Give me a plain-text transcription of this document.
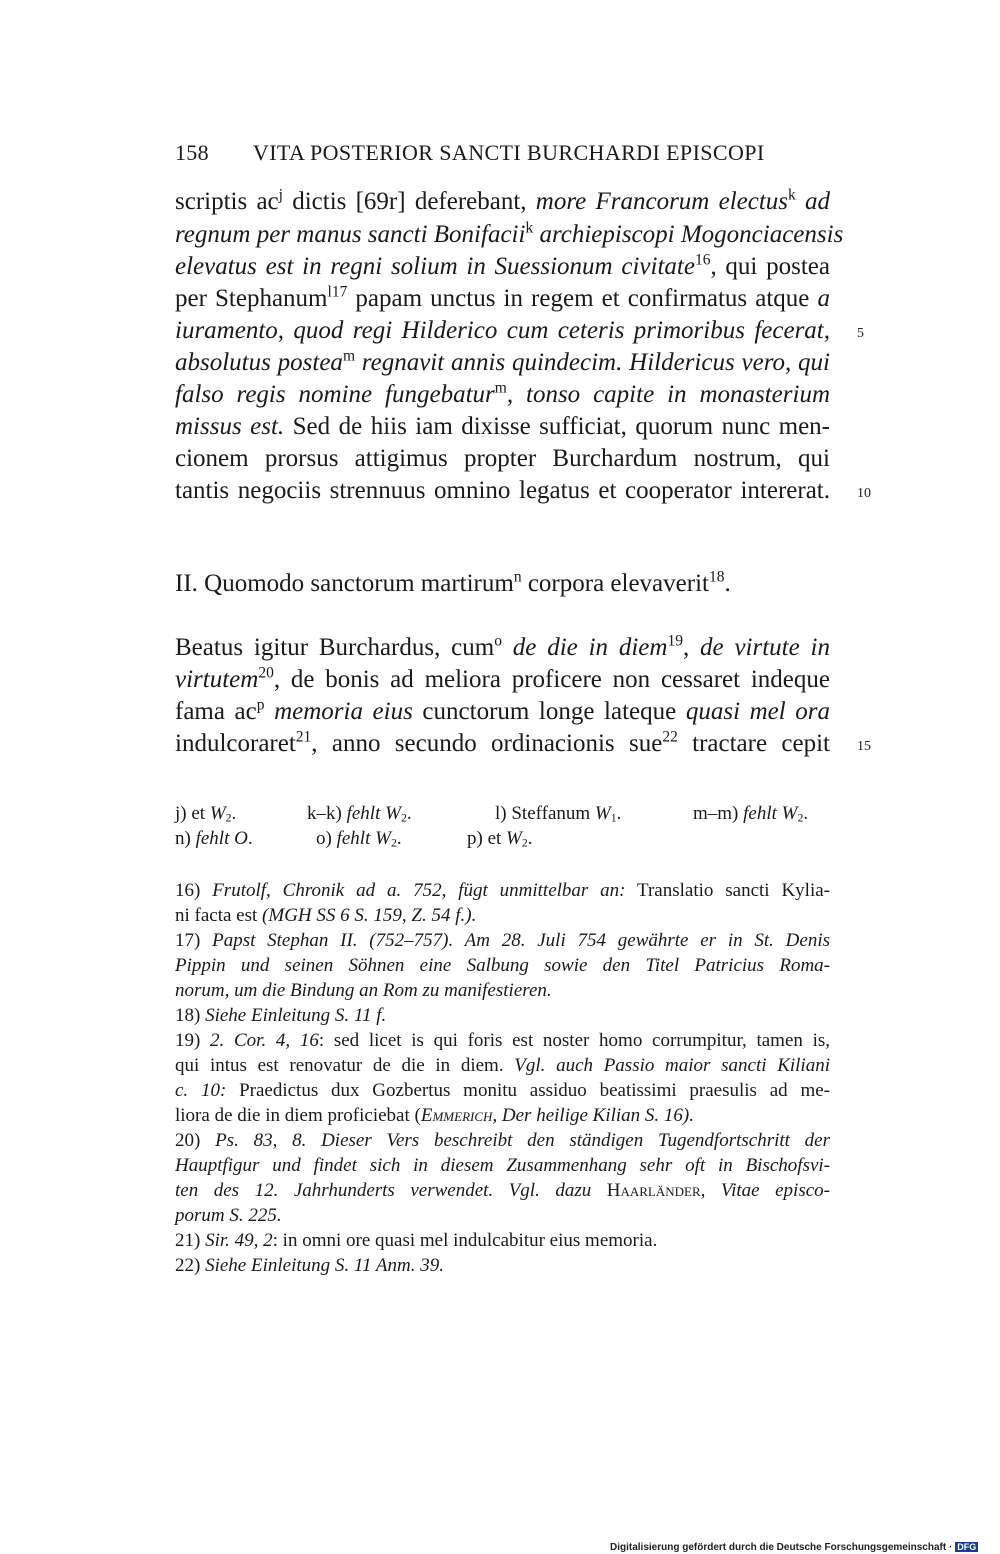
158 VITA POSTERIOR SANCTI BURCHARDI EPISCOPI
scriptis $ac^j$ dictis [69r] deferebant, more Francorum electus$^k$ ad
regnum per manus sancti Bonifacii$^k$ archiepiscopi Mogonciacensis
elevatus est in regni solium in Suessionum civitate$^{16}$, qui postea
per Stephanum$^{l17}$ papam unctus in regem et confirmatus atque a
iuramento, quod regi Hilderico cum ceteris primoribus fecerat,
absolutus postea$^m$ regnavit annis quindecim. Hildericus vero, qui
falso regis nomine fungebatur$^m$, tonso capite in monasterium
missus est. Sed de hiis iam dixisse sufficiat, quorum nunc men-
cionem prorsus attigimus propter Burchardum nostrum, qui
tantis negociis strennuus omnino legatus et cooperator intererat.
II. Quomodo sanctorum martirum$^n$ corpora elevaverit$^{18}$.
Beatus igitur Burchardus, cum$^o$ de die in diem$^{19}$, de virtute in
virtutem$^{20}$, de bonis ad meliora proficere non cessaret indeque
fama $ac^p$ memoria eius cunctorum longe lateque quasi mel ora
indulcoraret$^{21}$, anno secundo ordinacionis sue$^{22}$ tractare cepit
5
10
15
j) et $W_2$.	k–k) fehlt $W_2$.	l) Steffanum $W_1$.	m–m) fehlt $W_2$.
n) fehlt O.	o) fehlt $W_2$.	p) et $W_2$.
16) Frutolf, Chronik ad a. 752, fügt unmittelbar an: Translatio sancti Kylia-
ni facta est (MGH SS 6 S. 159, Z. 54 f.).
17) Papst Stephan II. (752–757). Am 28. Juli 754 gewährte er in St. Denis
Pippin und seinen Söhnen eine Salbung sowie den Titel Patricius Roma-
norum, um die Bindung an Rom zu manifestieren.
18) Siehe Einleitung S. 11 f.
19) 2. Cor. 4, 16: sed licet is qui foris est noster homo corrumpitur, tamen is,
qui intus est renovatur de die in diem. Vgl. auch Passio maior sancti Kiliani
c. 10: Praedictus dux Gozbertus monitu assiduo beatissimi praesulis ad me-
liora de die in diem proficiebat (Emmerich, Der heilige Kilian S. 16).
20) Ps. 83, 8. Dieser Vers beschreibt den ständigen Tugendfortschritt der
Hauptfigur und findet sich in diesem Zusammenhang sehr oft in Bischofsvi-
ten des 12. Jahrhunderts verwendet. Vgl. dazu Haarländer, Vitae episco-
porum S. 225.
21) Sir. 49, 2: in omni ore quasi mel indulcabitur eius memoria.
22) Siehe Einleitung S. 11 Anm. 39.
Digitalisierung gefördert durch die Deutsche Forschungsgemeinschaft · DFG
